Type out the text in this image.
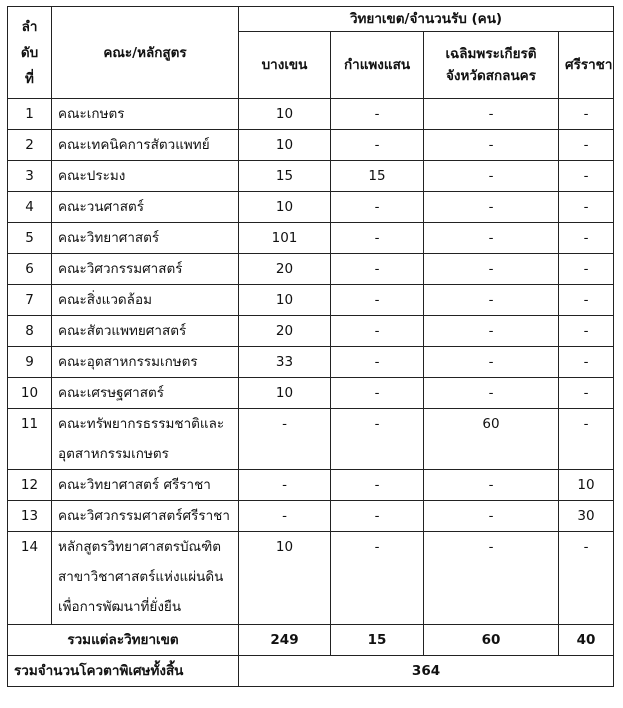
ลำ
ดับ
ที่	คณะ/หลักสูตร	วิทยาเขต/จำนวนรับ (คน)			
		บางเขน	กำแพงแสน	เฉลิมพระเกียรติ จังหวัดสกลนคร	ศรีราชา
1	คณะเกษตร	10	-	-	-
2	คณะเทคนิคการสัตวแพทย์	10	-	-	-
3	คณะประมง	15	15	-	-
4	คณะวนศาสตร์	10	-	-	-
5	คณะวิทยาศาสตร์	101	-	-	-
6	คณะวิศวกรรมศาสตร์	20	-	-	-
7	คณะสิ่งแวดล้อม	10	-	-	-
8	คณะสัตวแพทยศาสตร์	20	-	-	-
9	คณะอุตสาหกรรมเกษตร	33	-	-	-
10	คณะเศรษฐศาสตร์	10	-	-	-
11	คณะทรัพยากรธรรมชาติและอุตสาหกรรมเกษตร	-	-	60	-
12	คณะวิทยาศาสตร์ ศรีราชา	-	-	-	10
13	คณะวิศวกรรมศาสตร์ศรีราชา	-	-	-	30
14	หลักสูตรวิทยาศาสตรบัณฑิต สาขาวิชาศาสตร์แห่งแผ่นดิน เพื่อการพัฒนาที่ยั่งยืน	10	-	-	-
รวมแต่ละวิทยาเขต		249	15	60	40
รวมจำนวนโควตาพิเศษทั้งสิ้น		364			
